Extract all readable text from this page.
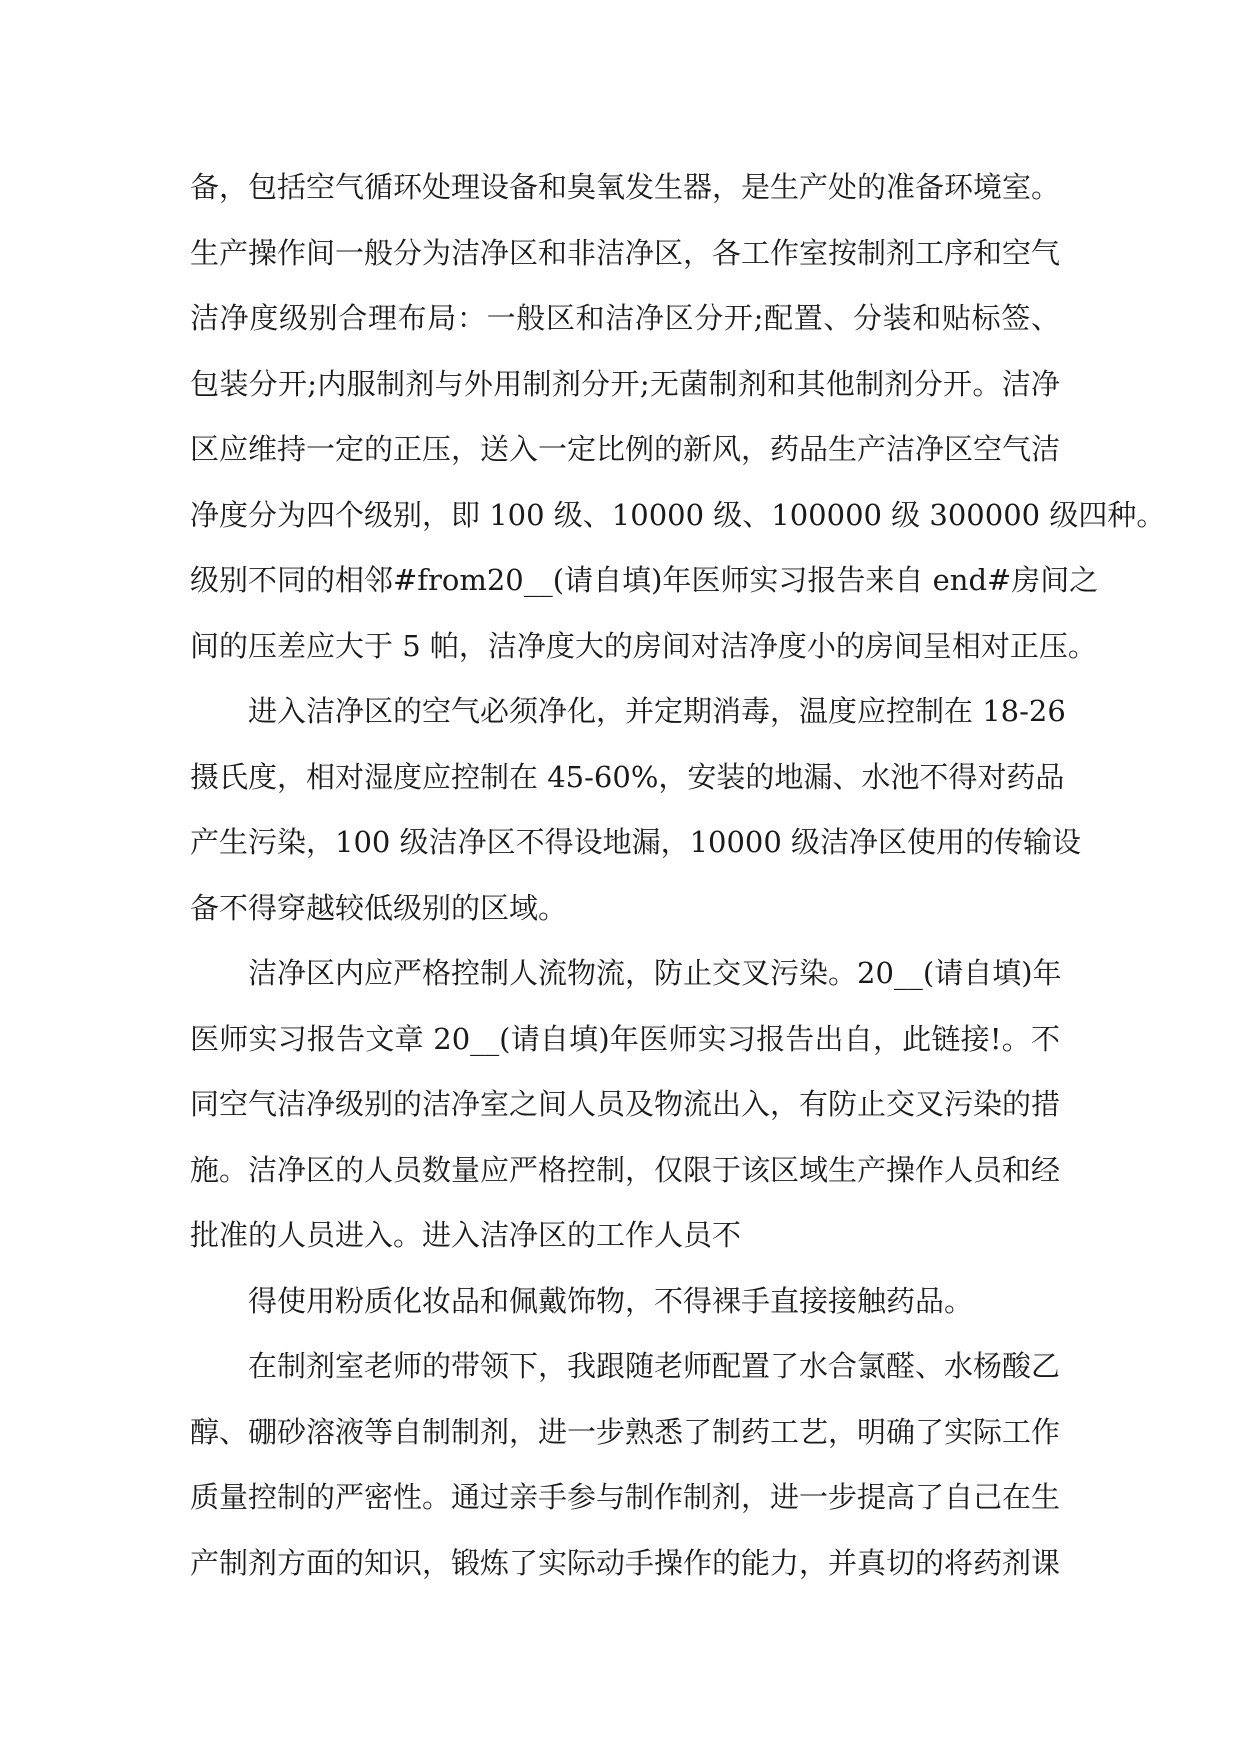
备，包括空气循环处理设备和臭氧发生器，是生产处的准备环境室。
生产操作间一般分为洁净区和非洁净区，各工作室按制剂工序和空气
洁净度级别合理布局：一般区和洁净区分开;配置、分装和贴标签、
包装分开;内服制剂与外用制剂分开;无菌制剂和其他制剂分开。洁净
区应维持一定的正压，送入一定比例的新风，药品生产洁净区空气洁
净度分为四个级别，即 100 级、10000 级、100000 级 300000 级四种。
级别不同的相邻#from20__(请自填)年医师实习报告来自 end#房间之
间的压差应大于 5 帕，洁净度大的房间对洁净度小的房间呈相对正压。
进入洁净区的空气必须净化，并定期消毒，温度应控制在 18-26
摄氏度，相对湿度应控制在 45-60%，安装的地漏、水池不得对药品
产生污染，100 级洁净区不得设地漏，10000 级洁净区使用的传输设
备不得穿越较低级别的区域。
洁净区内应严格控制人流物流，防止交叉污染。20__(请自填)年
医师实习报告文章 20__(请自填)年医师实习报告出自，此链接!。不
同空气洁净级别的洁净室之间人员及物流出入，有防止交叉污染的措
施。洁净区的人员数量应严格控制，仅限于该区域生产操作人员和经
批准的人员进入。进入洁净区的工作人员不
得使用粉质化妆品和佩戴饰物，不得裸手直接接触药品。
在制剂室老师的带领下，我跟随老师配置了水合氯醛、水杨酸乙
醇、硼砂溶液等自制制剂，进一步熟悉了制药工艺，明确了实际工作
质量控制的严密性。通过亲手参与制作制剂，进一步提高了自己在生
产制剂方面的知识，锻炼了实际动手操作的能力，并真切的将药剂课
